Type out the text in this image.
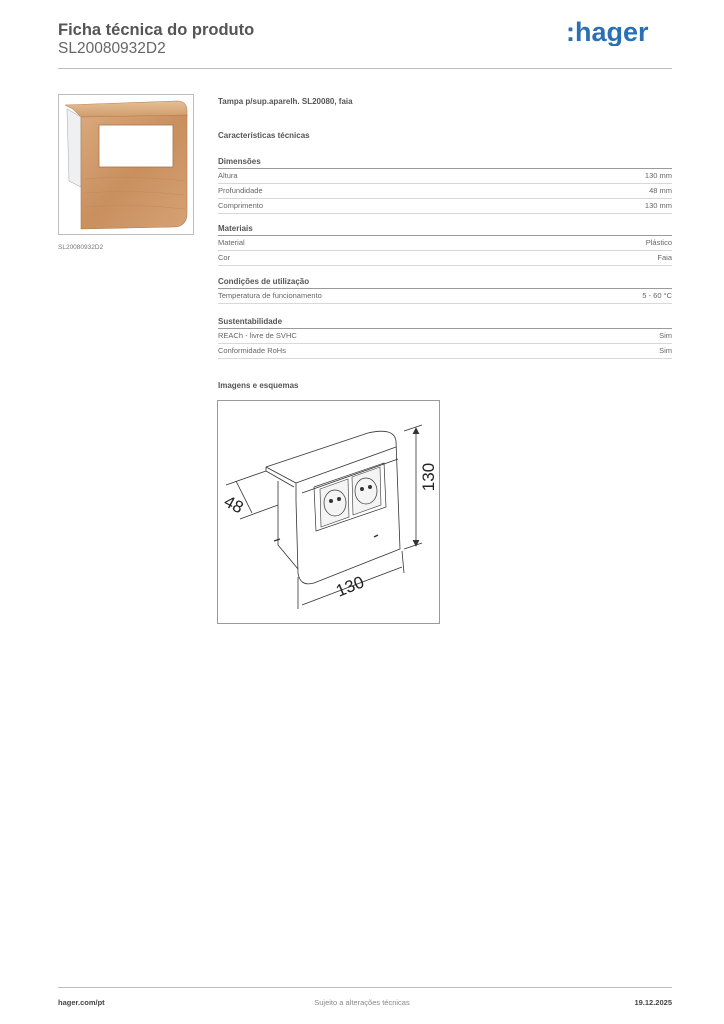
Ficha técnica do produto
SL20080932D2
:hager
SL20080932D2
Tampa p/sup.aparelh. SL20080, faia
Características técnicas
Dimensões
Altura	130 mm
Profundidade	48 mm
Comprimento	130 mm
Materiais
Material	Plástico
Cor	Faia
Condições de utilização
Temperatura de funcionamento	5 - 60 °C
Sustentabilidade
REACh - livre de SVHC	Sim
Conformidade RoHs	Sim
Imagens e esquemas
130
48
130
hager.com/pt	Sujeito a alterações técnicas	19.12.2025
